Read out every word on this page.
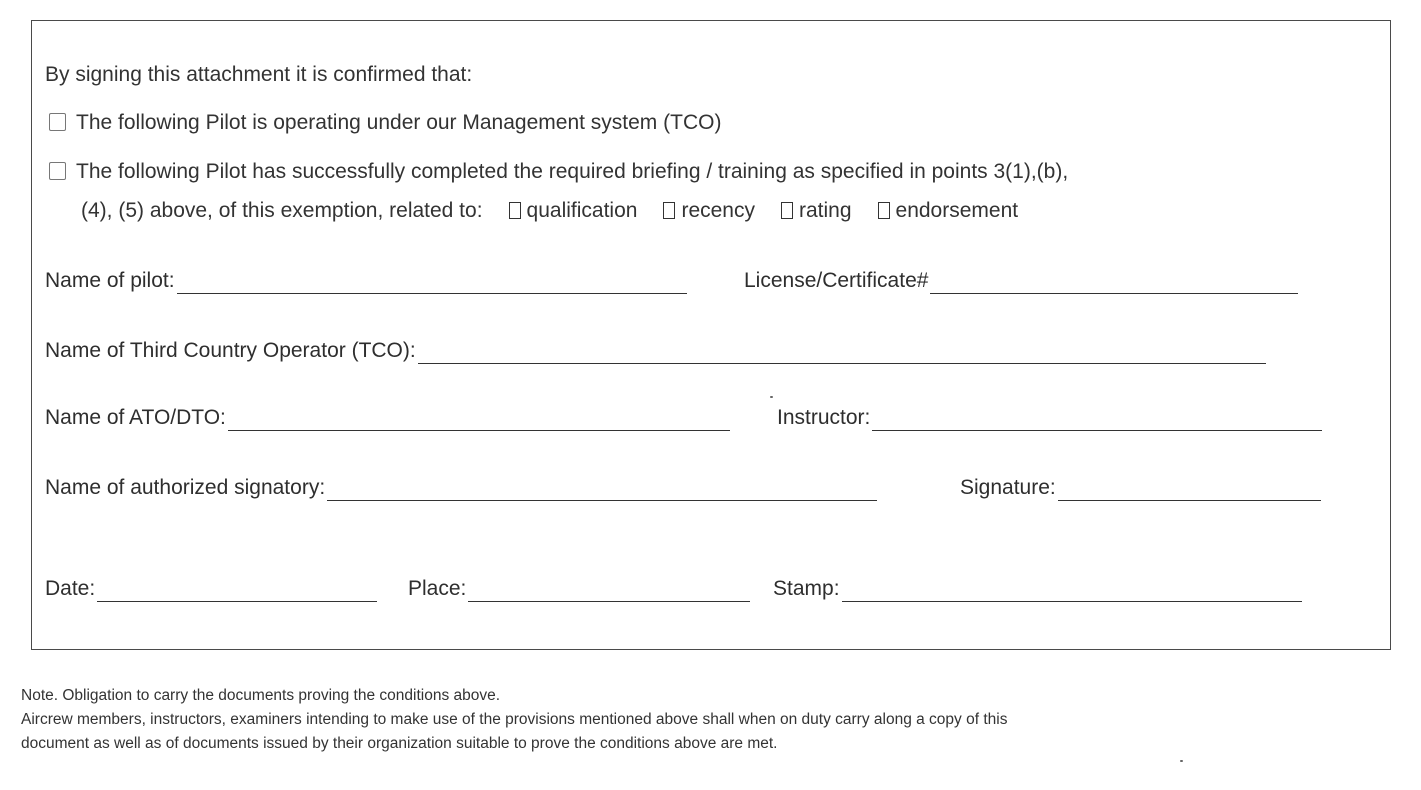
By signing this attachment it is confirmed that:
The following Pilot is operating under our Management system (TCO)
The following Pilot has successfully completed the required briefing / training as specified in points 3(1),(b),
(4), (5) above, of this exemption, related to: qualification recency rating endorsement
Name of pilot:	License/Certificate#
Name of Third Country Operator (TCO):
Name of ATO/DTO:	Instructor:
Name of authorized signatory:	Signature:
Date:	Place:	Stamp:
Note. Obligation to carry the documents proving the conditions above.
Aircrew members, instructors, examiners intending to make use of the provisions mentioned above shall when on duty carry along a copy of this
document as well as of documents issued by their organization suitable to prove the conditions above are met.
